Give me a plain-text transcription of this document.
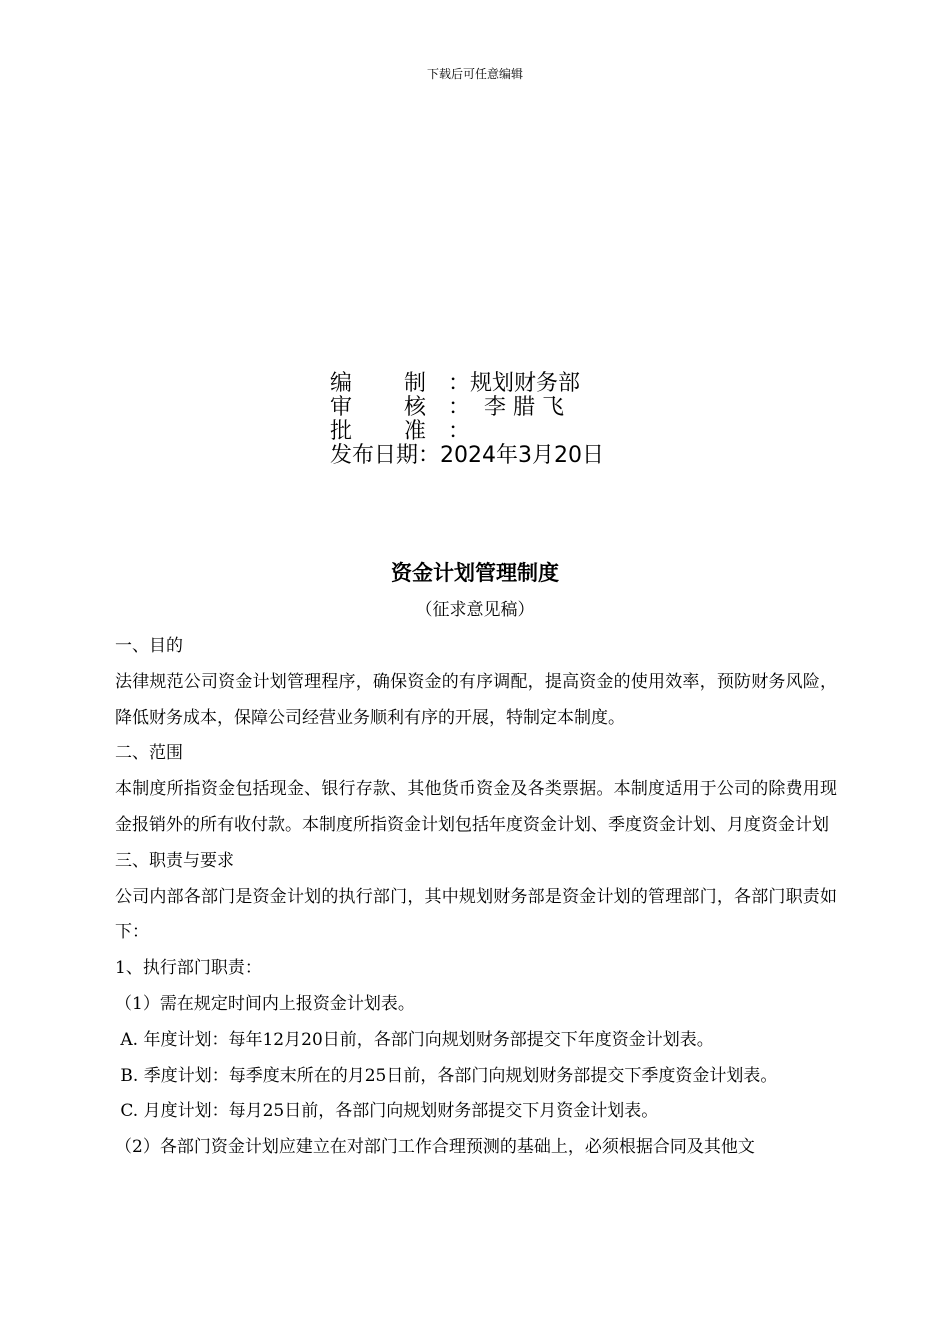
下载后可任意编辑
编 制 ：规划财务部
审 核 ：  李 腊 飞
批 准 ：
发布日期 ：2024年3月20日
资金计划管理制度
（征求意见稿）

一、目的

法律规范公司资金计划管理程序，确保资金的有序调配，提高资金的使用效率，预防财务风险，降低财务成本，保障公司经营业务顺利有序的开展，特制定本制度。

二、范围

本制度所指资金包括现金、银行存款、其他货币资金及各类票据。本制度适用于公司的除费用现金报销外的所有收付款。本制度所指资金计划包括年度资金计划、季度资金计划、月度资金计划

三、职责与要求

公司内部各部门是资金计划的执行部门，其中规划财务部是资金计划的管理部门，各部门职责如下：

1、执行部门职责：

（1）需在规定时间内上报资金计划表。

A. 年度计划：每年12月20日前，各部门向规划财务部提交下年度资金计划表。

B. 季度计划：每季度末所在的月25日前，各部门向规划财务部提交下季度资金计划表。

C. 月度计划：每月25日前，各部门向规划财务部提交下月资金计划表。

（2）各部门资金计划应建立在对部门工作合理预测的基础上，必须根据合同及其他文
